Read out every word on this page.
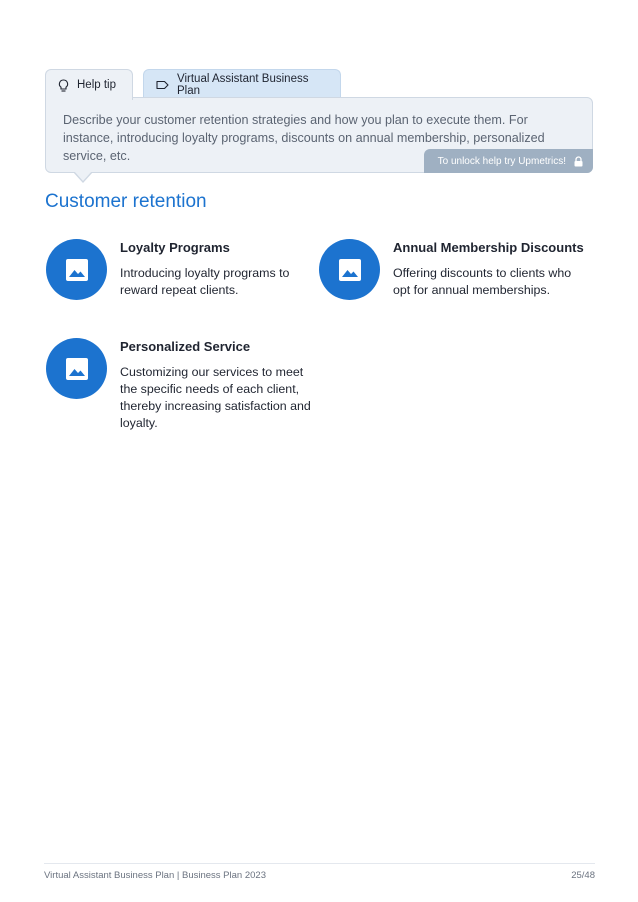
Help tip
Virtual Assistant Business Plan

Describe your customer retention strategies and how you plan to execute them. For instance, introducing loyalty programs, discounts on annual membership, personalized service, etc.	To unlock help try Upmetrics!
Customer retention
Loyalty Programs

Introducing loyalty programs to reward repeat clients.

Annual Membership Discounts

Offering discounts to clients who opt for annual memberships.

Personalized Service

Customizing our services to meet the specific needs of each client, thereby increasing satisfaction and loyalty.

Virtual Assistant Business Plan | Business Plan 2023	25/48
